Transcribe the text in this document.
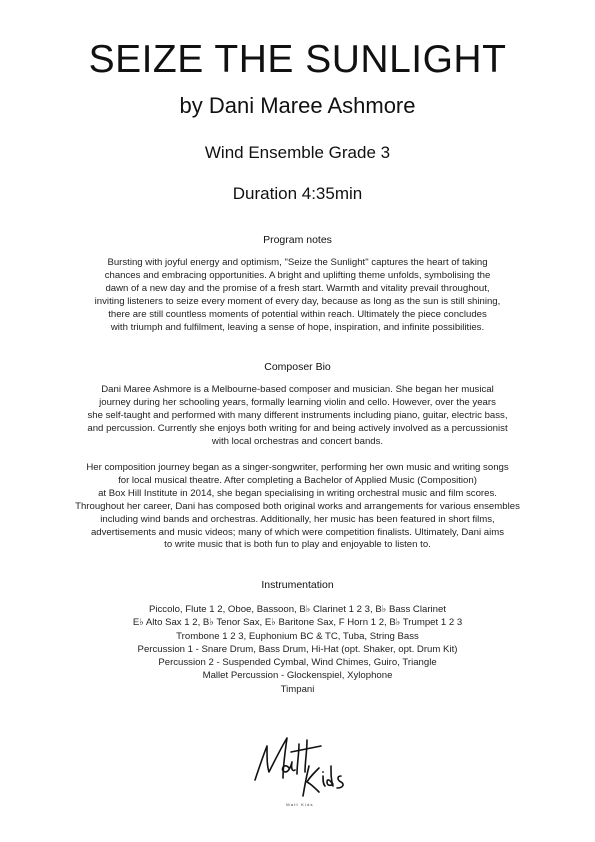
SEIZE THE SUNLIGHT
by Dani Maree Ashmore
Wind Ensemble Grade 3
Duration 4:35min
Program notes
Bursting with joyful energy and optimism, "Seize the Sunlight" captures the heart of taking
chances and embracing opportunities. A bright and uplifting theme unfolds, symbolising the
dawn of a new day and the promise of a fresh start. Warmth and vitality prevail throughout,
inviting listeners to seize every moment of every day, because as long as the sun is still shining,
there are still countless moments of potential within reach. Ultimately the piece concludes
with triumph and fulfilment, leaving a sense of hope, inspiration, and infinite possibilities.
Composer Bio
Dani Maree Ashmore is a Melbourne-based composer and musician. She began her musical
journey during her schooling years, formally learning violin and cello. However, over the years
she self-taught and performed with many different instruments including piano, guitar, electric bass,
and percussion. Currently she enjoys both writing for and being actively involved as a percussionist
with local orchestras and concert bands.
Her composition journey began as a singer-songwriter, performing her own music and writing songs
for local musical theatre. After completing a Bachelor of Applied Music (Composition)
at Box Hill Institute in 2014, she began specialising in writing orchestral music and film scores.
Throughout her career, Dani has composed both original works and arrangements for various ensembles
including wind bands and orchestras. Additionally, her music has been featured in short films,
advertisements and music videos; many of which were competition finalists. Ultimately, Dani aims
to write music that is both fun to play and enjoyable to listen to.
Instrumentation
Piccolo, Flute 1 2, Oboe, Bassoon, B♭ Clarinet 1 2 3, B♭ Bass Clarinet
E♭ Alto Sax 1 2, B♭ Tenor Sax, E♭ Baritone Sax, F Horn 1 2, B♭ Trumpet 1 2 3
Trombone 1 2 3, Euphonium BC & TC, Tuba, String Bass
Percussion 1 - Snare Drum, Bass Drum, Hi-Hat (opt. Shaker, opt. Drum Kit)
Percussion 2 - Suspended Cymbal, Wind Chimes, Guiro, Triangle
Mallet Percussion - Glockenspiel, Xylophone
Timpani
Matt Kids
